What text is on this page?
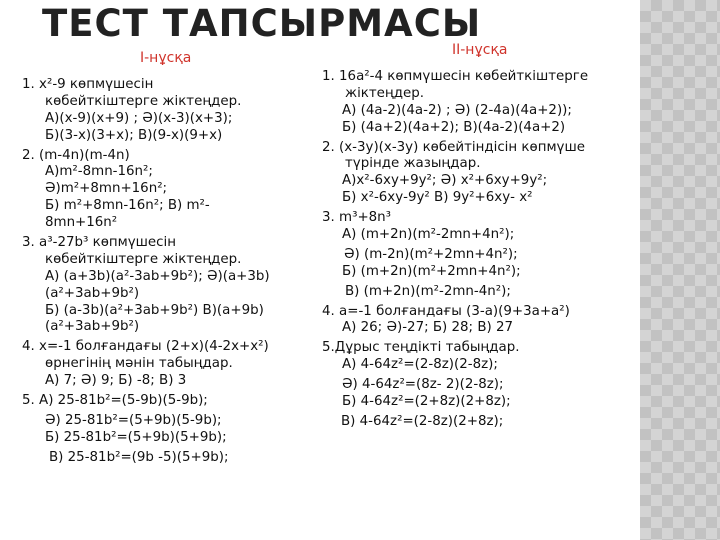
ТЕСТ ТАПСЫРМАСЫ
I-нұсқа	II-нұсқа
1. х²-9 көпмүшесін
көбейткіштерге жіктеңдер.
А)(х-9)(х+9) ; Ә)(х-3)(х+3);
Б)(3-х)(3+х); В)(9-х)(9+х)
2. (m-4n)(m-4n)
А)m²-8mn-16n²;
Ә)m²+8mn+16n²;
Б) m²+8mn-16n²; В) m²-
8mn+16n²
3. а³-27b³ көпмүшесін
көбейткіштерге жіктеңдер.
А) (а+3b)(а²-3аb+9b²); Ә)(а+3b)
(а²+3аb+9b²)
Б) (а-3b)(а²+3аb+9b²) В)(а+9b)
(а²+3аb+9b²)
4. х=-1 болғандағы (2+х)(4-2х+х²)
өрнегінің мәнін табыңдар.
А) 7; Ә) 9; Б) -8; В) 3
5. А) 25-81b²=(5-9b)(5-9b);
Ә) 25-81b²=(5+9b)(5-9b);
Б) 25-81b²=(5+9b)(5+9b);
В) 25-81b²=(9b -5)(5+9b);
1. 16а²-4 көпмүшесін көбейткіштерге
жіктеңдер.
А) (4а-2)(4а-2) ; Ә) (2-4а)(4а+2));
Б) (4а+2)(4а+2); В)(4а-2)(4а+2)
2. (х-3у)(х-3у) көбейтіндісін көпмүше
түрінде жазыңдар.
А)х²-6ху+9у²; Ә) х²+6ху+9у²;
Б) х²-6ху-9у² В) 9у²+6ху- х²
3. m³+8n³
А) (m+2n)(m²-2mn+4n²);
Ә) (m-2n)(m²+2mn+4n²);
Б) (m+2n)(m²+2mn+4n²);
В) (m+2n)(m²-2mn-4n²);
4. а=-1 болғандағы (3-а)(9+3а+а²)
А) 26; Ә)-27; Б) 28; В) 27
5.Дұрыс теңдікті табыңдар.
А) 4-64z²=(2-8z)(2-8z);
Ә) 4-64z²=(8z- 2)(2-8z);
Б) 4-64z²=(2+8z)(2+8z);
В) 4-64z²=(2-8z)(2+8z);
